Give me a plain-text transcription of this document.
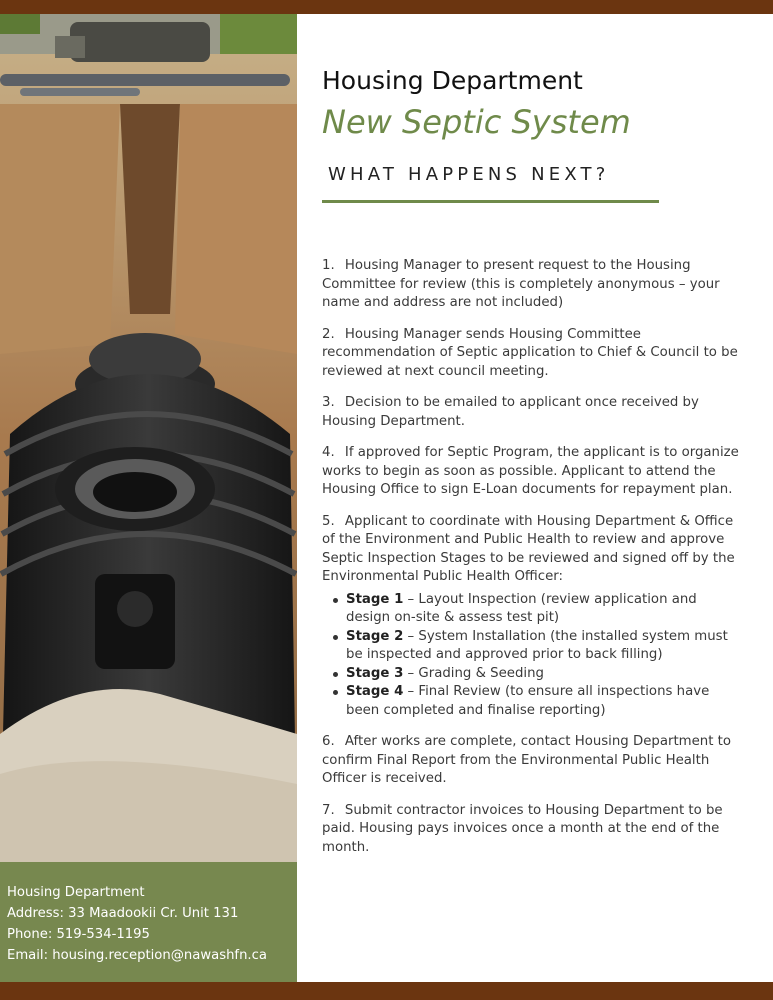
Housing Department
Address: 33 Maadookii Cr. Unit 131
Phone: 519-534-1195
Email: housing.reception@nawashfn.ca
Housing Department
New Septic System
WHAT HAPPENS NEXT?
1. Housing Manager to present request to the Housing Committee for review (this is completely anonymous – your name and address are not included)
2. Housing Manager sends Housing Committee recommendation of Septic application to Chief & Council to be reviewed at next council meeting.
3. Decision to be emailed to applicant once received by Housing Department.
4. If approved for Septic Program, the applicant is to organize works to begin as soon as possible. Applicant to attend the Housing Office to sign E-Loan documents for repayment plan.
5. Applicant to coordinate with Housing Department & Office of the Environment and Public Health to review and approve Septic Inspection Stages to be reviewed and signed off by the Environmental Public Health Officer:
Stage 1 – Layout Inspection (review application and design on-site & assess test pit)
Stage 2 – System Installation (the installed system must be inspected and approved prior to back filling)
Stage 3 – Grading & Seeding
Stage 4 – Final Review (to ensure all inspections have been completed and finalise reporting)
6. After works are complete, contact Housing Department to confirm Final Report from the Environmental Public Health Officer is received.
7. Submit contractor invoices to Housing Department to be paid. Housing pays invoices once a month at the end of the month.
